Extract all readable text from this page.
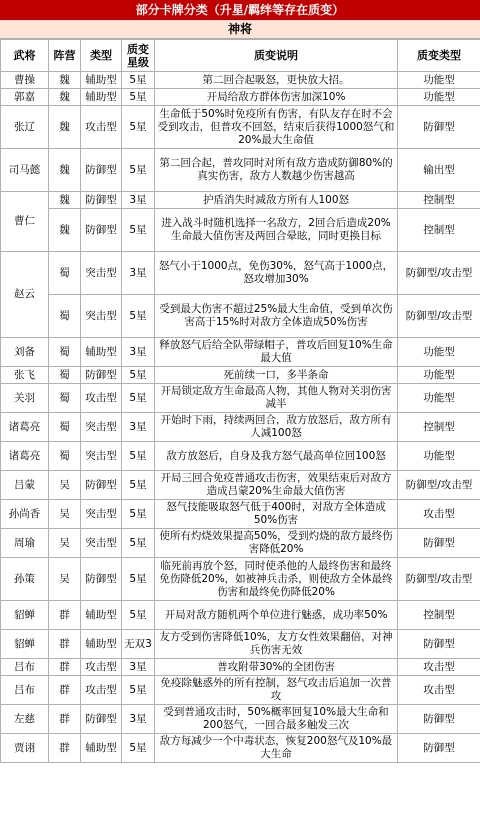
部分卡牌分类（升星/羁绊等存在质变）
神将
武将	阵营	类型	质变星级	质变说明	质变类型
曹操	魏	辅助型	5星	第二回合起吸怒，更快放大招。	功能型
郭嘉	魏	辅助型	5星	开局给敌方群体伤害加深10%	功能型
张辽	魏	攻击型	5星	生命低于50%时免疫所有伤害，有队友存在时不会受到攻击，但普攻不回怒，结束后获得1000怒气和20%最大生命值	防御型
司马懿	魏	防御型	5星	第二回合起，普攻同时对所有敌方造成防御80%的真实伤害，敌方人数越少伤害越高	输出型
曹仁	魏	防御型	3星	护盾消失时减敌方所有人100怒	控制型
	魏	防御型	5星	进入战斗时随机选择一名敌方，2回合后造成20%生命最大值伤害及两回合晕眩，同时更换目标	控制型
赵云	蜀	突击型	3星	怒气小于1000点，免伤30%，怒气高于1000点，怒攻增加30%	防御型/攻击型
	蜀	突击型	5星	受到最大伤害不超过25%最大生命值，受到单次伤害高于15%时对敌方全体造成50%伤害	防御型/攻击型
刘备	蜀	辅助型	3星	释放怒气后给全队带绿帽子，普攻后回复10%生命最大值	功能型
张飞	蜀	防御型	5星	死前续一口，多半条命	功能型
关羽	蜀	攻击型	5星	开局锁定敌方生命最高人物，其他人物对关羽伤害减半	功能型
诸葛亮	蜀	突击型	3星	开始时下雨，持续两回合，敌方放怒后，敌方所有人减100怒	控制型
诸葛亮	蜀	突击型	5星	敌方放怒后，自身及我方怒气最高单位回100怒	功能型
吕蒙	吴	防御型	5星	开局三回合免疫普通攻击伤害，效果结束后对敌方造成吕蒙20%生命最大值伤害	防御型/攻击型
孙尚香	吴	突击型	5星	怒气技能吸取怒气低于400时，对敌方全体造成50%伤害	攻击型
周瑜	吴	突击型	5星	使所有灼烧效果提高50%，受到灼烧的敌方最终伤害降低20%	防御型
孙策	吴	防御型	5星	临死前再放个怒，同时使杀他的人最终伤害和最终免伤降低20%，如被神兵击杀，则使敌方全体最终伤害和最终免伤降低20%	防御型/攻击型
貂蝉	群	辅助型	5星	开局对敌方随机两个单位进行魅惑，成功率50%	控制型
貂蝉	群	辅助型	无双3	友方受到伤害降低10%，友方女性效果翻倍，对神兵伤害无效	防御型
吕布	群	攻击型	3星	普攻附带30%的全团伤害	攻击型
吕布	群	攻击型	5星	免疫除魅惑外的所有控制，怒气攻击后追加一次普攻	攻击型
左慈	群	防御型	3星	受到普通攻击时，50%概率回复10%最大生命和200怒气，一回合最多触发三次	防御型
贾诩	群	辅助型	5星	敌方每减少一个中毒状态，恢复200怒气及10%最大生命	防御型
